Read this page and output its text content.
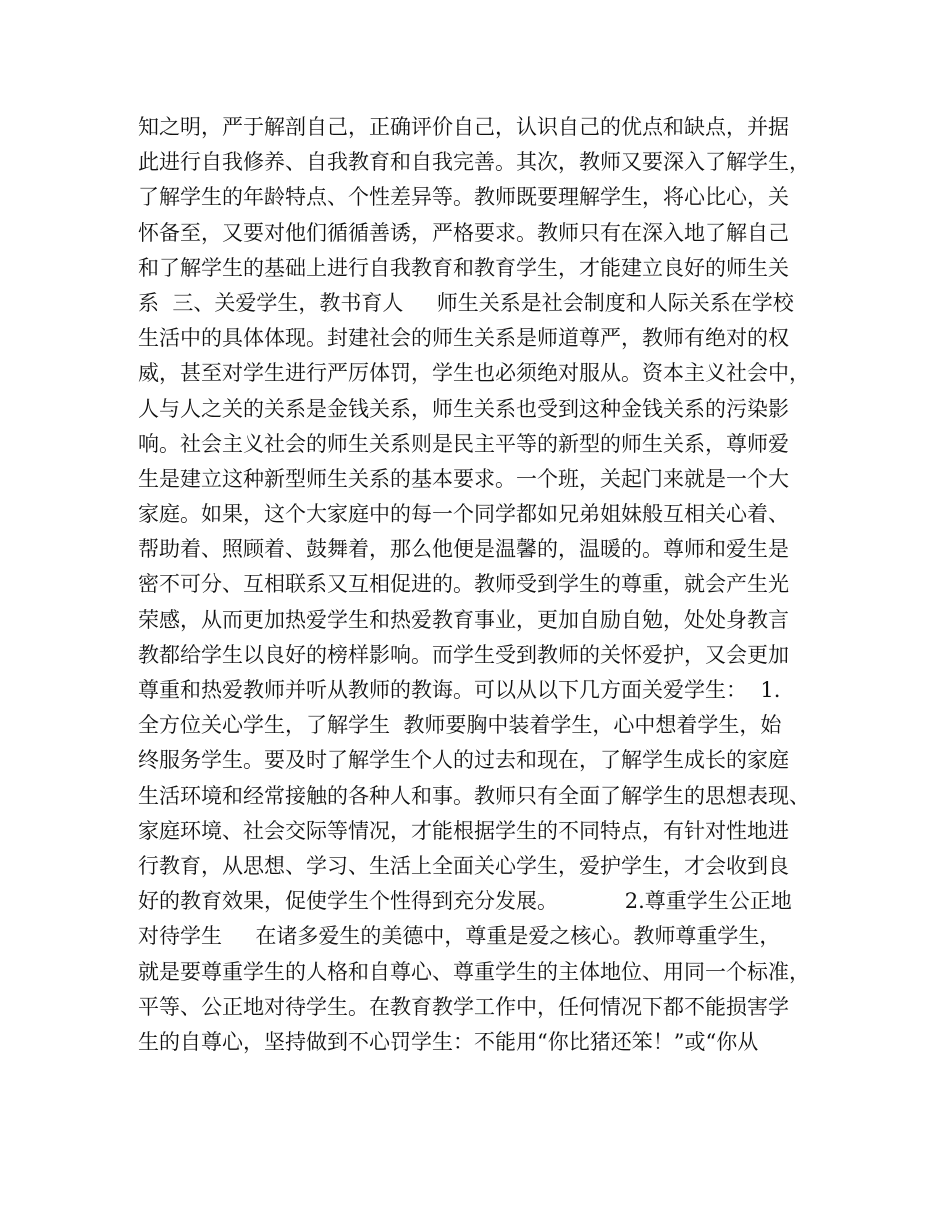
知之明，严于解剖自己，正确评价自己，认识自己的优点和缺点，并据
此进行自我修养、自我教育和自我完善。其次，教师又要深入了解学生，
了解学生的年龄特点、个性差异等。教师既要理解学生，将心比心，关
怀备至，又要对他们循循善诱，严格要求。教师只有在深入地了解自己
和了解学生的基础上进行自我教育和教育学生，才能建立良好的师生关
系  三、关爱学生，教书育人     师生关系是社会制度和人际关系在学校
生活中的具体体现。封建社会的师生关系是师道尊严，教师有绝对的权
威，甚至对学生进行严厉体罚，学生也必须绝对服从。资本主义社会中，
人与人之关的关系是金钱关系，师生关系也受到这种金钱关系的污染影
响。社会主义社会的师生关系则是民主平等的新型的师生关系，尊师爱
生是建立这种新型师生关系的基本要求。一个班，关起门来就是一个大
家庭。如果，这个大家庭中的每一个同学都如兄弟姐妹般互相关心着、
帮助着、照顾着、鼓舞着，那么他便是温馨的，温暖的。尊师和爱生是
密不可分、互相联系又互相促进的。教师受到学生的尊重，就会产生光
荣感，从而更加热爱学生和热爱教育事业，更加自励自勉，处处身教言
教都给学生以良好的榜样影响。而学生受到教师的关怀爱护，又会更加
尊重和热爱教师并听从教师的教诲。可以从以下几方面关爱学生：  1.
全方位关心学生，了解学生  教师要胸中装着学生，心中想着学生，始
终服务学生。要及时了解学生个人的过去和现在，了解学生成长的家庭
生活环境和经常接触的各种人和事。教师只有全面了解学生的思想表现、
家庭环境、社会交际等情况，才能根据学生的不同特点，有针对性地进
行教育，从思想、学习、生活上全面关心学生，爱护学生，才会收到良
好的教育效果，促使学生个性得到充分发展。          2.尊重学生公正地
对待学生     在诸多爱生的美德中，尊重是爱之核心。教师尊重学生，
就是要尊重学生的人格和自尊心、尊重学生的主体地位、用同一个标准，
平等、公正地对待学生。在教育教学工作中，任何情况下都不能损害学
生的自尊心，坚持做到不心罚学生：不能用“你比猪还笨！”或“你从
